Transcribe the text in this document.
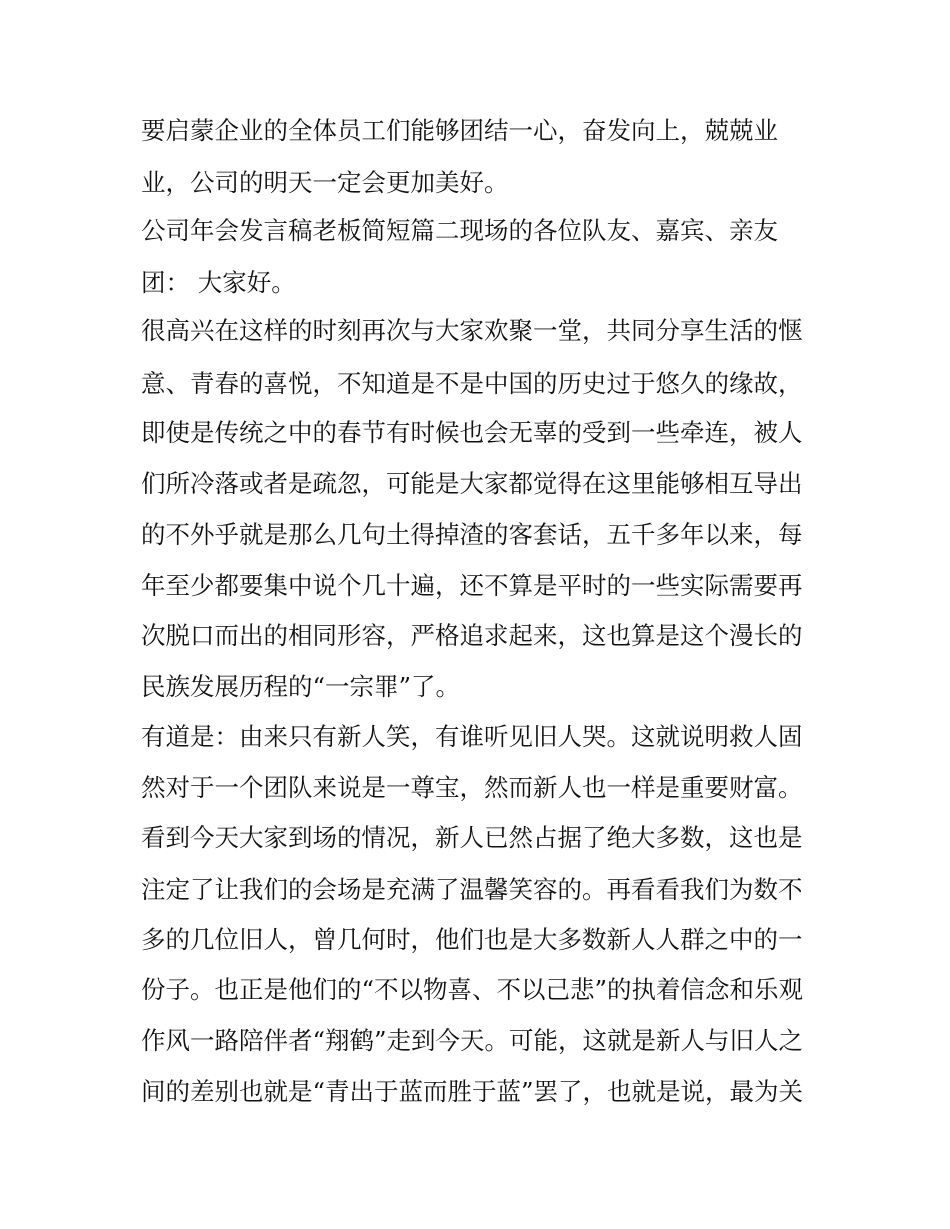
要启蒙企业的全体员工们能够团结一心，奋发向上，兢兢业

业，公司的明天一定会更加美好。

公司年会发言稿老板简短篇二现场的各位队友、嘉宾、亲友

团： 大家好。

很高兴在这样的时刻再次与大家欢聚一堂，共同分享生活的惬

意、青春的喜悦，不知道是不是中国的历史过于悠久的缘故，

即使是传统之中的春节有时候也会无辜的受到一些牵连，被人

们所冷落或者是疏忽，可能是大家都觉得在这里能够相互导出

的不外乎就是那么几句土得掉渣的客套话，五千多年以来，每

年至少都要集中说个几十遍，还不算是平时的一些实际需要再

次脱口而出的相同形容，严格追求起来，这也算是这个漫长的

民族发展历程的“一宗罪”了。

有道是：由来只有新人笑，有谁听见旧人哭。这就说明救人固

然对于一个团队来说是一尊宝，然而新人也一样是重要财富。

看到今天大家到场的情况，新人已然占据了绝大多数，这也是

注定了让我们的会场是充满了温馨笑容的。再看看我们为数不

多的几位旧人，曾几何时，他们也是大多数新人人群之中的一

份子。也正是他们的“不以物喜、不以己悲”的执着信念和乐观

作风一路陪伴者“翔鹤”走到今天。可能，这就是新人与旧人之

间的差别也就是“青出于蓝而胜于蓝”罢了，也就是说，最为关
